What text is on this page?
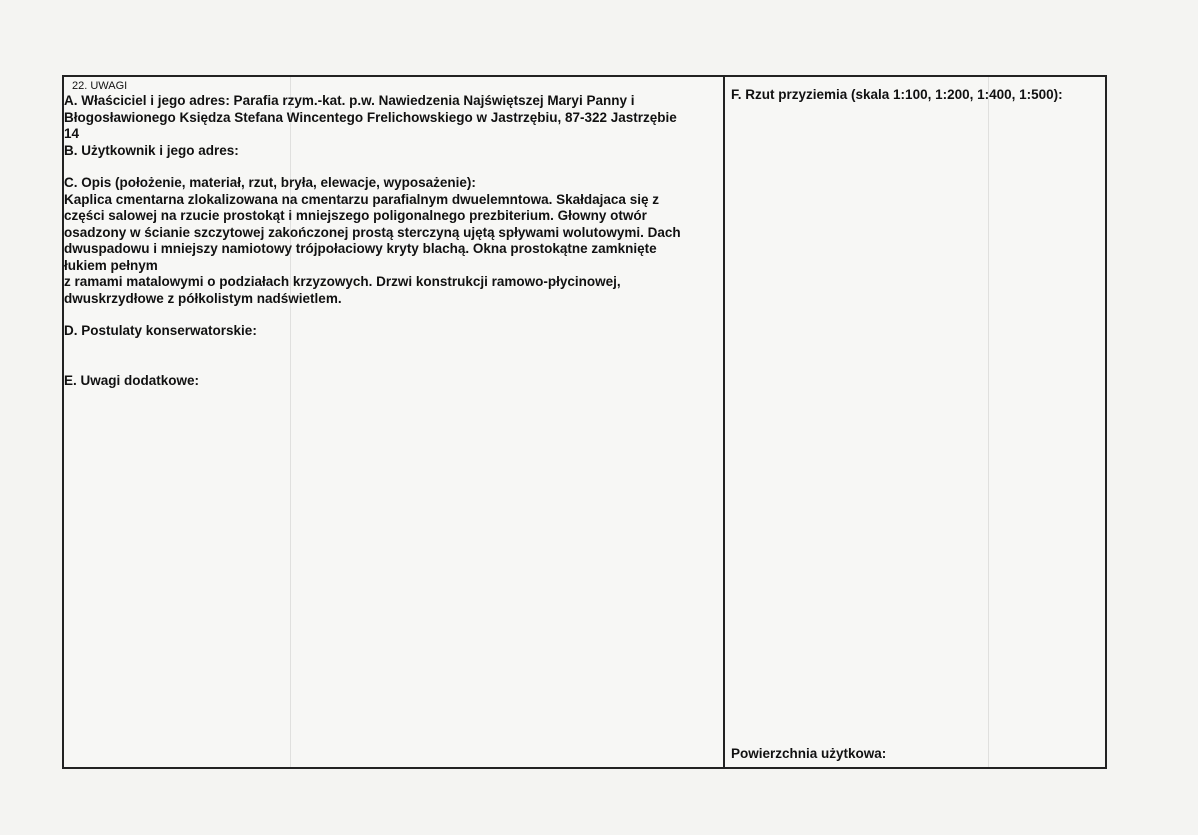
22. UWAGI

A. Właściciel i jego adres: Parafia rzym.-kat. p.w. Nawiedzenia Najświętszej Maryi Panny i

Błogosławionego Księdza Stefana Wincentego Frelichowskiego w Jastrzębiu, 87-322 Jastrzębie

14

B. Użytkownik i jego adres:

C. Opis (położenie, materiał, rzut, bryła, elewacje, wyposażenie):

Kaplica cmentarna zlokalizowana na cmentarzu parafialnym dwuelemntowa. Skałdajaca się z

części salowej na rzucie prostokąt i mniejszego poligonalnego prezbiterium. Głowny otwór

osadzony w ścianie szczytowej zakończonej prostą sterczyną ujętą spływami wolutowymi. Dach

dwuspadowu i mniejszy namiotowy trójpołaciowy kryty blachą. Okna prostokątne zamknięte

łukiem pełnym

z ramami matalowymi o podziałach krzyzowych. Drzwi konstrukcji ramowo-płycinowej,

dwuskrzydłowe z półkolistym nadświetlem.

D. Postulaty konserwatorskie:

E. Uwagi dodatkowe:

F. Rzut przyziemia (skala 1:100, 1:200, 1:400, 1:500):
Powierzchnia użytkowa:
